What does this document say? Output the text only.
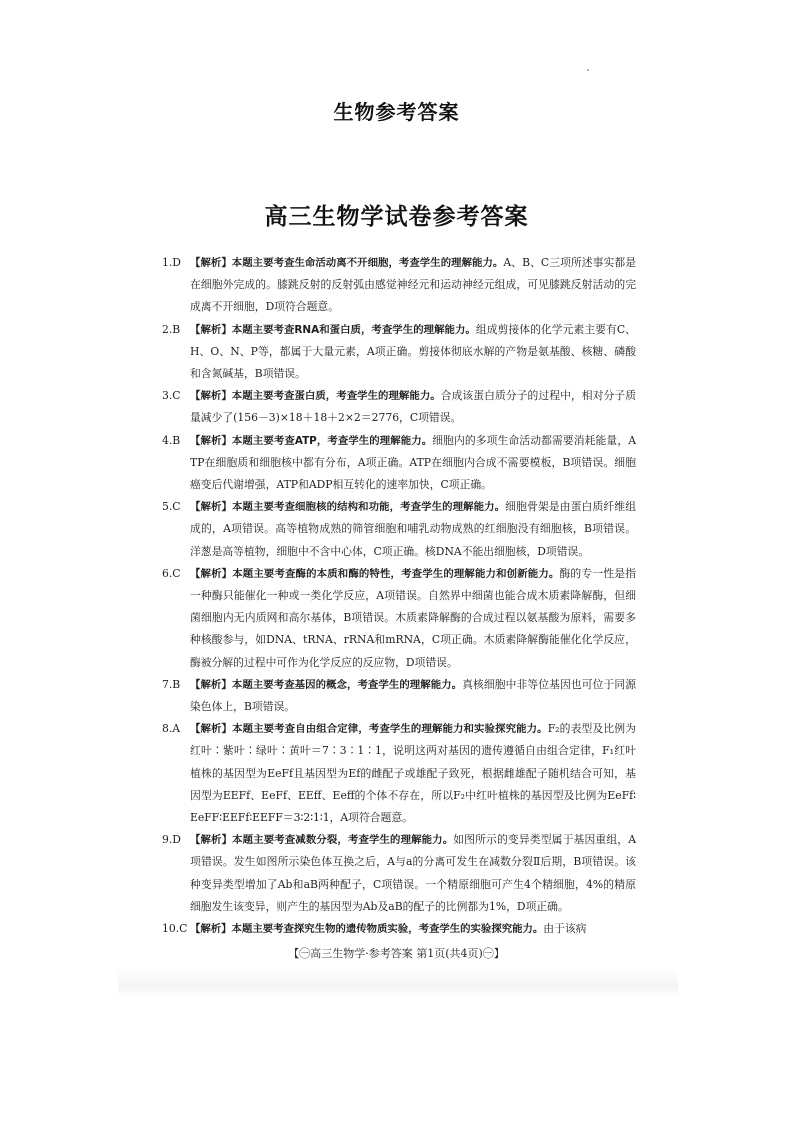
生物参考答案
高三生物学试卷参考答案
1.D 【解析】本题主要考查生命活动离不开细胞，考查学生的理解能力。A、B、C三项所述事实都是在细胞外完成的。膝跳反射的反射弧由感觉神经元和运动神经元组成，可见膝跳反射活动的完成离不开细胞，D项符合题意。
2.B 【解析】本题主要考查RNA和蛋白质，考查学生的理解能力。组成剪接体的化学元素主要有C、H、O、N、P等，都属于大量元素，A项正确。剪接体彻底水解的产物是氨基酸、核糖、磷酸和含氮碱基，B项错误。
3.C 【解析】本题主要考查蛋白质，考查学生的理解能力。合成该蛋白质分子的过程中，相对分子质量减少了(156－3)×18＋18＋2×2＝2776，C项错误。
4.B 【解析】本题主要考查ATP，考查学生的理解能力。细胞内的多项生命活动都需要消耗能量，ATP在细胞质和细胞核中都有分布，A项正确。ATP在细胞内合成不需要模板，B项错误。细胞癌变后代谢增强，ATP和ADP相互转化的速率加快，C项正确。
5.C 【解析】本题主要考查细胞核的结构和功能，考查学生的理解能力。细胞骨架是由蛋白质纤维组成的，A项错误。高等植物成熟的筛管细胞和哺乳动物成熟的红细胞没有细胞核，B项错误。洋葱是高等植物，细胞中不含中心体，C项正确。核DNA不能出细胞核，D项错误。
6.C 【解析】本题主要考查酶的本质和酶的特性，考查学生的理解能力和创新能力。酶的专一性是指一种酶只能催化一种或一类化学反应，A项错误。自然界中细菌也能合成木质素降解酶，但细菌细胞内无内质网和高尔基体，B项错误。木质素降解酶的合成过程以氨基酸为原料，需要多种核酸参与，如DNA、tRNA、rRNA和mRNA，C项正确。木质素降解酶能催化化学反应，酶被分解的过程中可作为化学反应的反应物，D项错误。
7.B 【解析】本题主要考查基因的概念，考查学生的理解能力。真核细胞中非等位基因也可位于同源染色体上，B项错误。
8.A 【解析】本题主要考查自由组合定律，考查学生的理解能力和实验探究能力。F₂的表型及比例为红叶∶紫叶∶绿叶∶黄叶＝7∶3∶1∶1，说明这两对基因的遗传遵循自由组合定律，F₁红叶植株的基因型为EeFf且基因型为Ef的雌配子或雄配子致死，根据雌雄配子随机结合可知，基因型为EEFf、EeFf、EEff、Eeff的个体不存在，所以F₂中红叶植株的基因型及比例为EeFf∶EeFF∶EEFf∶EEFF＝3∶2∶1∶1，A项符合题意。
9.D 【解析】本题主要考查减数分裂，考查学生的理解能力。如图所示的变异类型属于基因重组，A项错误。发生如图所示染色体互换之后，A与a的分离可发生在减数分裂Ⅱ后期，B项错误。该种变异类型增加了Ab和aB两种配子，C项错误。一个精原细胞可产生4个精细胞，4%的精原细胞发生该变异，则产生的基因型为Ab及aB的配子的比例都为1%，D项正确。
10.C 【解析】本题主要考查探究生物的遗传物质实验，考查学生的实验探究能力。由于该病
【㊀高三生物学·参考答案 第1页(共4页)㊀】
